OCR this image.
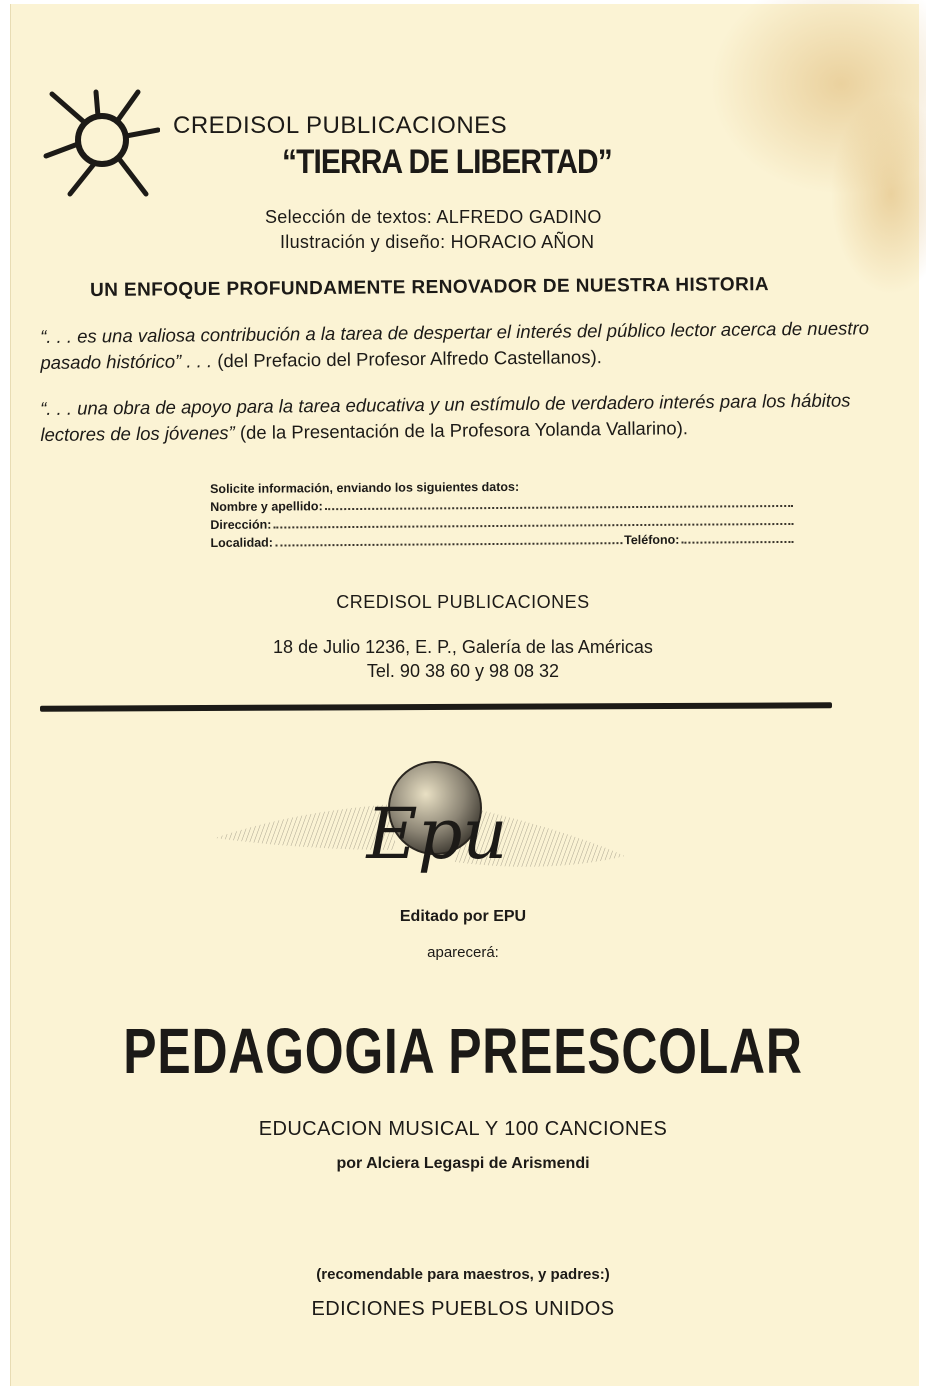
CREDISOL PUBLICACIONES
“TIERRA DE LIBERTAD”
Selección de textos: ALFREDO GADINO
Ilustración y diseño: HORACIO AÑON
UN ENFOQUE PROFUNDAMENTE RENOVADOR DE NUESTRA HISTORIA
“. . . es una valiosa contribución a la tarea de despertar el interés del público lector acerca de nuestro pasado histórico” . . . (del Prefacio del Profesor Alfredo Castellanos).
“. . . una obra de apoyo para la tarea educativa y un estímulo de verdadero interés para los hábitos lectores de los jóvenes” (de la Presentación de la Profesora Yolanda Vallarino).
Solicite información, enviando los siguientes datos:
Nombre y apellido:
Dirección:
Localidad:	Teléfono:
CREDISOL PUBLICACIONES
18 de Julio 1236, E. P., Galería de las Américas
Tel. 90 38 60 y 98 08 32
Epu
Editado por EPU
aparecerá:
PEDAGOGIA PREESCOLAR
EDUCACION MUSICAL Y 100 CANCIONES
por Alciera Legaspi de Arismendi
(recomendable para maestros, y padres:)
EDICIONES PUEBLOS UNIDOS
